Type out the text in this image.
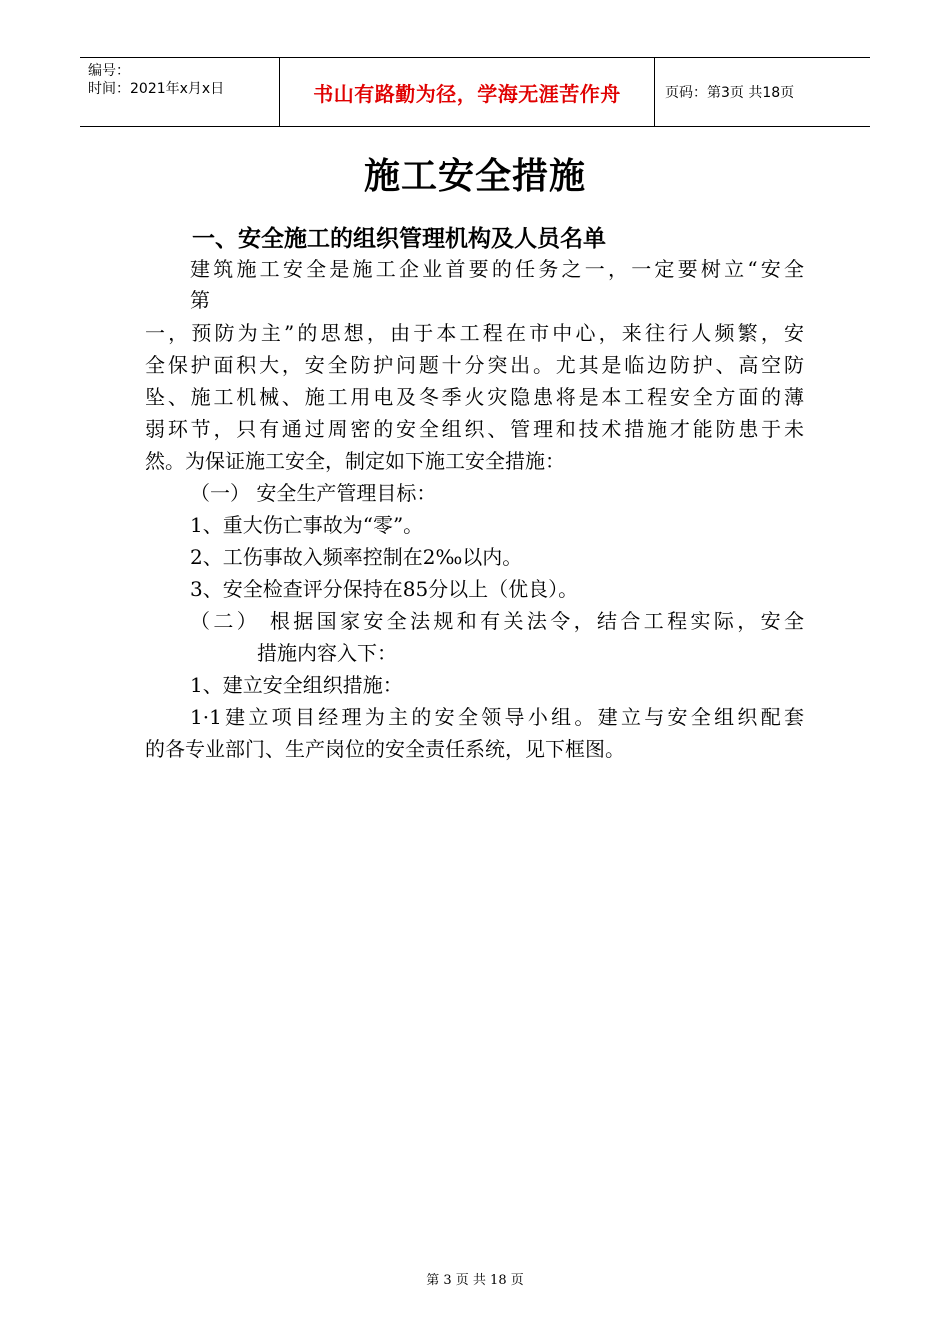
编号：
时间：2021年x月x日	书山有路勤为径，学海无涯苦作舟	页码：第3页 共18页
施工安全措施
一、安全施工的组织管理机构及人员名单
建筑施工安全是施工企业首要的任务之一，一定要树立“安全
第
一，预防为主”的思想，由于本工程在市中心，来往行人频繁，安
全保护面积大，安全防护问题十分突出。尤其是临边防护、高空防
坠、施工机械、施工用电及冬季火灾隐患将是本工程安全方面的薄
弱环节，只有通过周密的安全组织、管理和技术措施才能防患于未
然。为保证施工安全，制定如下施工安全措施：
（一） 安全生产管理目标：
1、重大伤亡事故为“零”。
2、工伤事故入频率控制在2‰以内。
3、安全检查评分保持在85分以上（优良）。
（二） 根据国家安全法规和有关法令，结合工程实际，安全
措施内容入下：
1、建立安全组织措施：
1·1建立项目经理为主的安全领导小组。建立与安全组织配套
的各专业部门、生产岗位的安全责任系统，见下框图。
第 3 页 共 18 页
